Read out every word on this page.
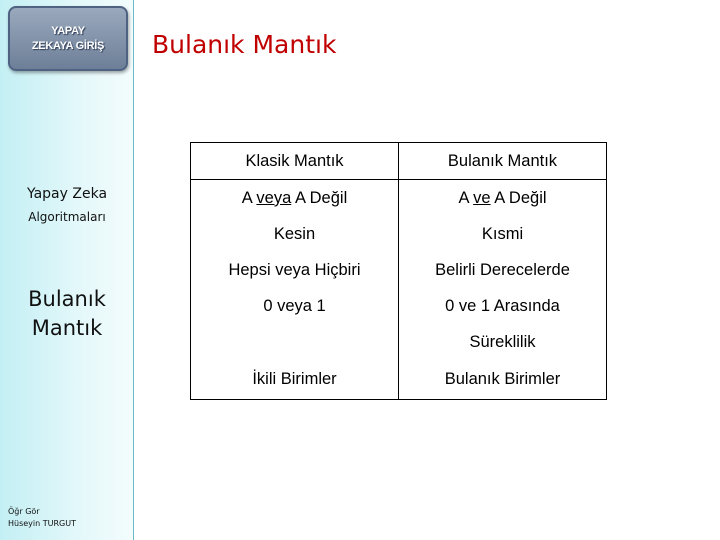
YAPAY
ZEKAYA GİRİŞ
Yapay Zeka
Algoritmaları
Bulanık
Mantık
Öğr Gör
Hüseyin TURGUT
Bulanık Mantık
Klasik Mantık	Bulanık Mantık
A veya A Değil	A ve A Değil
Kesin	Kısmi
Hepsi veya Hiçbiri	Belirli Derecelerde
0 veya 1	0 ve 1 Arasında
	Süreklilik
İkili Birimler	Bulanık Birimler
